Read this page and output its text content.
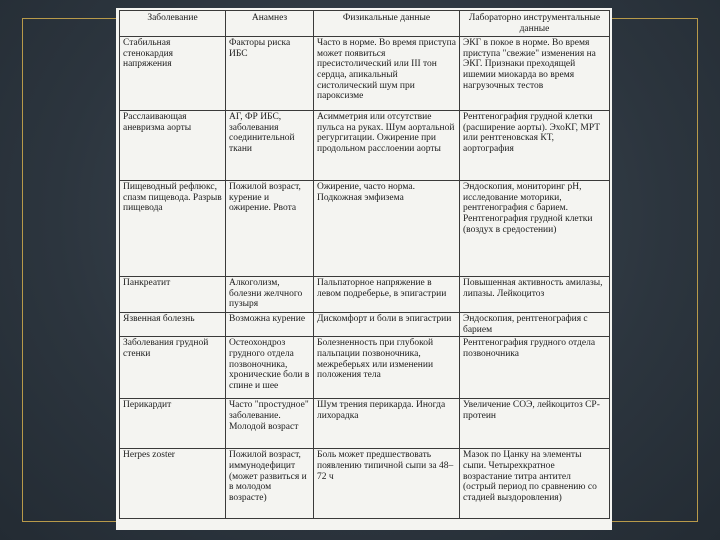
Заболевание	Анамнез	Физикальные данные	Лабораторно инструментальные данные
Стабильная стенокардия напряжения	Факторы риска ИБС	Часто в норме. Во время приступа может появиться пресистолический или III тон сердца, апикальный систолический шум при пароксизме	ЭКГ в покое в норме. Во время приступа "свежие" изменения на ЭКГ. Признаки преходящей ишемии миокарда во время нагрузочных тестов
Расслаивающая аневризма аорты	АГ, ФР ИБС, заболевания соединительной ткани	Асимметрия или отсутствие пульса на руках. Шум аортальной регургитации. Ожирение при продольном расслоении аорты	Рентгенография грудной клетки (расширение аорты). ЭхоКГ, МРТ или рентгеновская КТ, аортография
Пищеводный рефлюкс, спазм пищевода. Разрыв пищевода	Пожилой возраст, курение и ожирение. Рвота	Ожирение, часто норма. Подкожная эмфизема	Эндоскопия, мониторинг рН, исследование моторики, рентгенография с барием. Рентгенография грудной клетки (воздух в средостении)
Панкреатит	Алкоголизм, болезни желчного пузыря	Пальпаторное напряжение в левом подреберье, в эпигастрии	Повышенная активность амилазы, липазы. Лейкоцитоз
Язвенная болезнь	Возможна курение	Дискомфорт и боли в эпигастрии	Эндоскопия, рентгенография с барием
Заболевания грудной стенки	Остеохондроз грудного отдела позвоночника, хронические боли в спине и шее	Болезненность при глубокой пальпации позвоночника, межреберьях или изменении положения тела	Рентгенография грудного отдела позвоночника
Перикардит	Часто "простудное" заболевание. Молодой возраст	Шум трения перикарда. Иногда лихорадка	Увеличение СОЭ, лейкоцитоз СР-протеин
Herpes zoster	Пожилой возраст, иммунодефицит (может развиться и в молодом возрасте)	Боль может предшествовать появлению типичной сыпи за 48–72 ч	Мазок по Цанку на элементы сыпи. Четырехкратное возрастание титра антител (острый период по сравнению со стадией выздоровления)
